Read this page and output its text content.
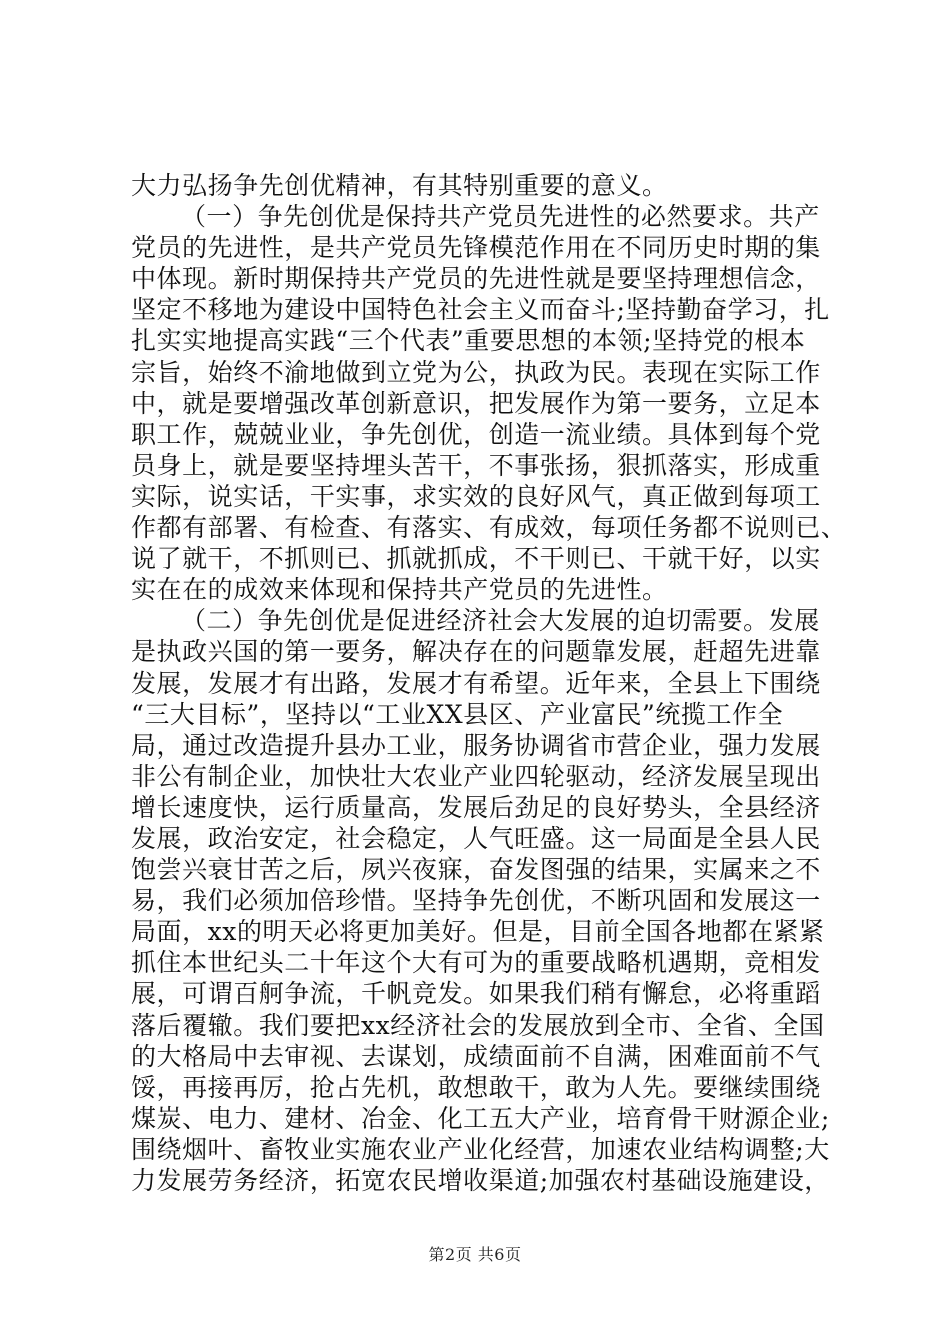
大力弘扬争先创优精神，有其特别重要的意义。

（一）争先创优是保持共产党员先进性的必然要求。共产
党员的先进性，是共产党员先锋模范作用在不同历史时期的集
中体现。新时期保持共产党员的先进性就是要坚持理想信念，
坚定不移地为建设中国特色社会主义而奋斗;坚持勤奋学习，扎
扎实实地提高实践“三个代表”重要思想的本领;坚持党的根本
宗旨，始终不渝地做到立党为公，执政为民。表现在实际工作
中，就是要增强改革创新意识，把发展作为第一要务，立足本
职工作，兢兢业业，争先创优，创造一流业绩。具体到每个党
员身上，就是要坚持埋头苦干，不事张扬，狠抓落实，形成重
实际，说实话，干实事，求实效的良好风气，真正做到每项工
作都有部署、有检查、有落实、有成效，每项任务都不说则已、
说了就干，不抓则已、抓就抓成，不干则已、干就干好，以实
实在在的成效来体现和保持共产党员的先进性。

（二）争先创优是促进经济社会大发展的迫切需要。发展
是执政兴国的第一要务，解决存在的问题靠发展，赶超先进靠
发展，发展才有出路，发展才有希望。近年来，全县上下围绕
“三大目标”，坚持以“工业XX县区、产业富民”统揽工作全
局，通过改造提升县办工业，服务协调省市营企业，强力发展
非公有制企业，加快壮大农业产业四轮驱动，经济发展呈现出
增长速度快，运行质量高，发展后劲足的良好势头，全县经济
发展，政治安定，社会稳定，人气旺盛。这一局面是全县人民
饱尝兴衰甘苦之后，夙兴夜寐，奋发图强的结果，实属来之不
易，我们必须加倍珍惜。坚持争先创优，不断巩固和发展这一
局面，xx的明天必将更加美好。但是，目前全国各地都在紧紧
抓住本世纪头二十年这个大有可为的重要战略机遇期，竞相发
展，可谓百舸争流，千帆竞发。如果我们稍有懈怠，必将重蹈
落后覆辙。我们要把xx经济社会的发展放到全市、全省、全国
的大格局中去审视、去谋划，成绩面前不自满，困难面前不气
馁，再接再厉，抢占先机，敢想敢干，敢为人先。要继续围绕
煤炭、电力、建材、冶金、化工五大产业，培育骨干财源企业;
围绕烟叶、畜牧业实施农业产业化经营，加速农业结构调整;大
力发展劳务经济，拓宽农民增收渠道;加强农村基础设施建设，

第2页 共6页
